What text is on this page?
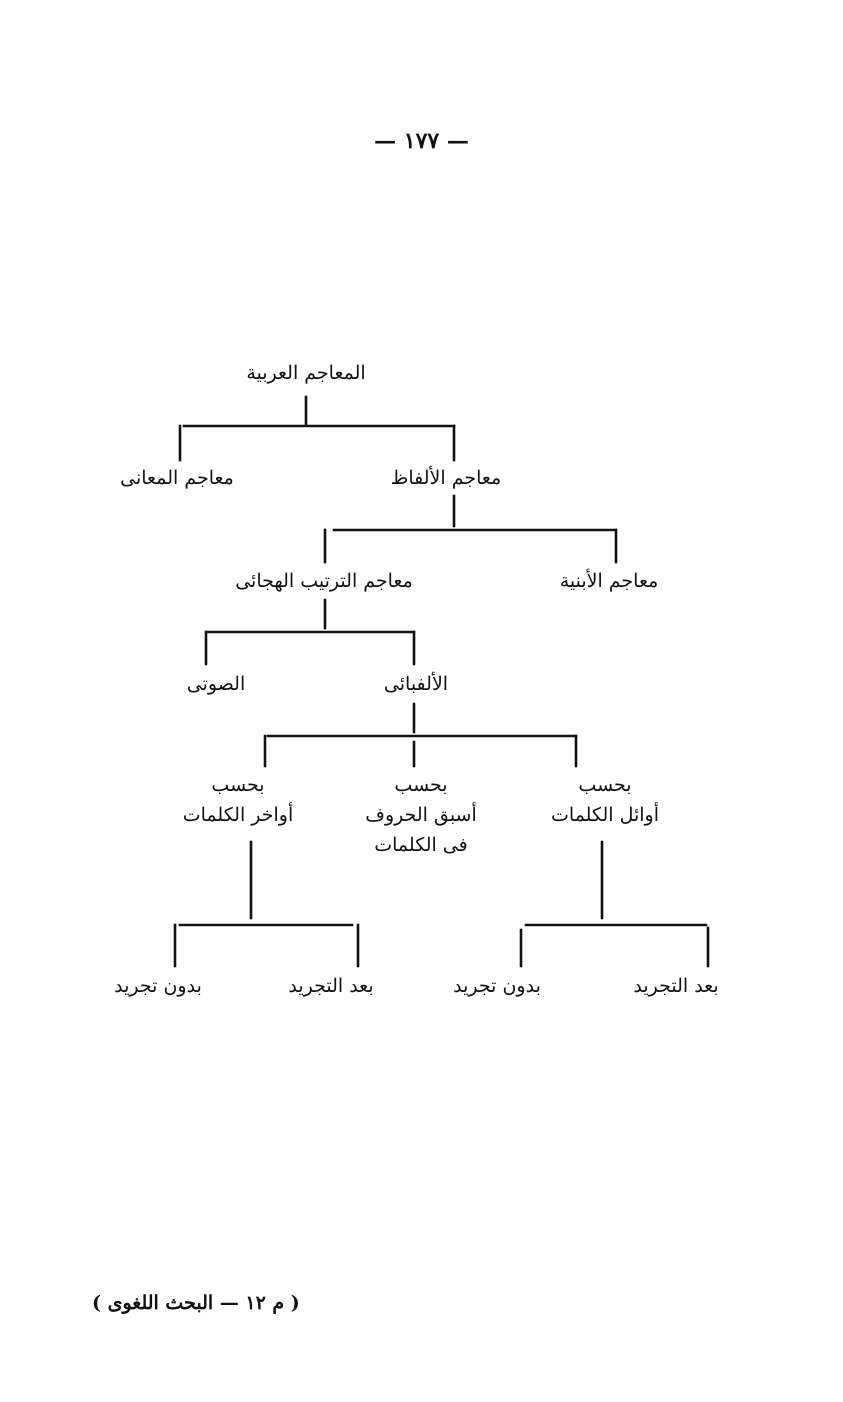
— ١٧٧ —
المعاجم العربية
معاجم الألفاظ
معاجم المعانى
معاجم الأبنية
معاجم الترتيب الهجائى
الألفبائى
الصوتى
بحسب
أوائل الكلمات
بحسب
أسبق الحروف
فى الكلمات
بحسب
أواخر الكلمات
بعد التجريد
بدون تجريد
بعد التجريد
بدون تجريد
( م ١٢ — البحث اللغوى )
